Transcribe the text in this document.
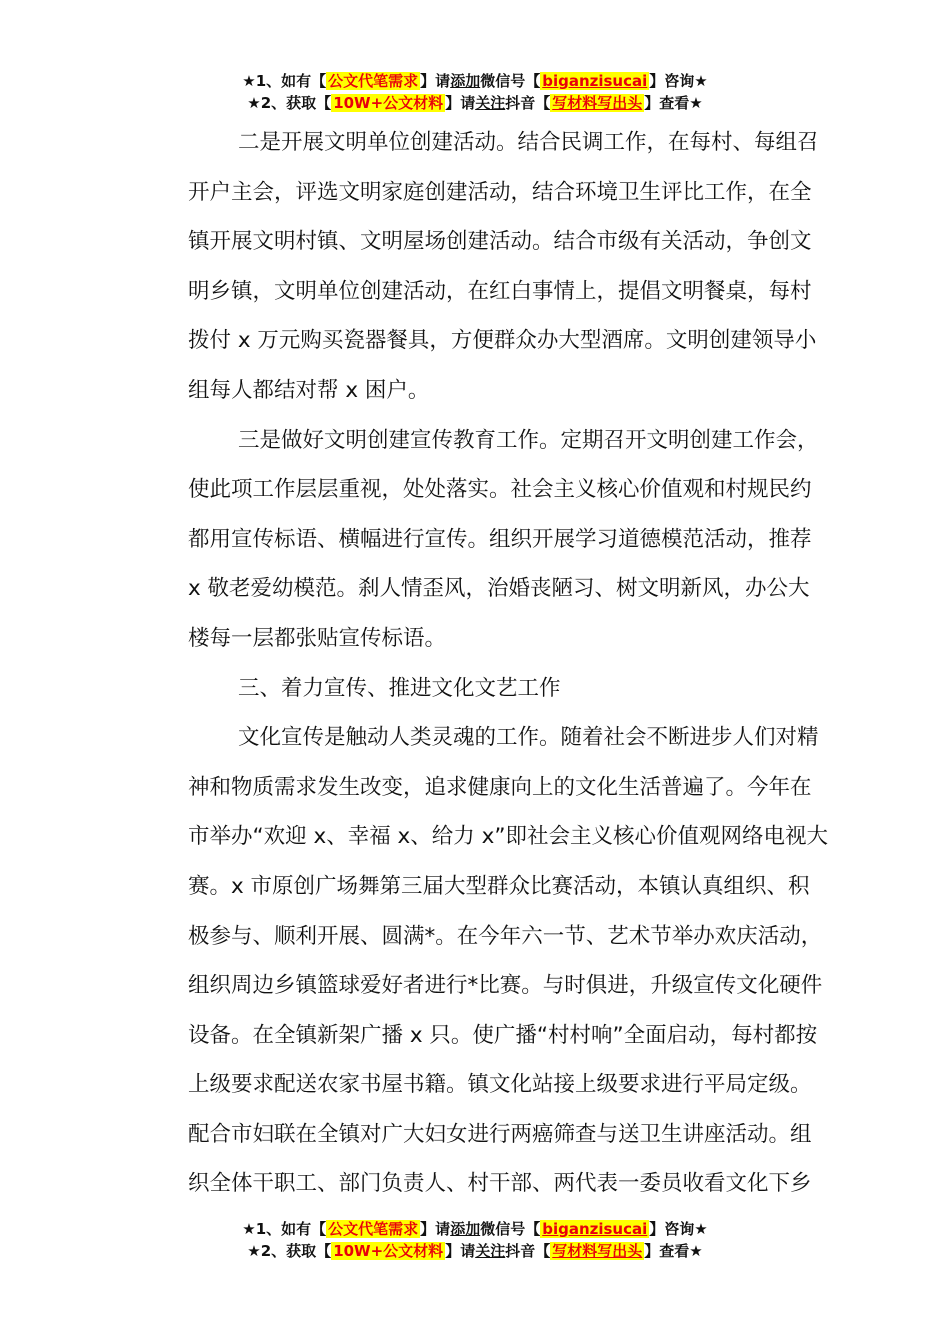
★1、如有【 公文代笔需求 】请添加微信号【 biganzisucai 】咨询★
★2、获取【 10W+公文材料 】请关注抖音【 写材料写出头 】查看★
二是开展文明单位创建活动。结合民调工作，在每村、每组召
开户主会，评选文明家庭创建活动，结合环境卫生评比工作，在全
镇开展文明村镇、文明屋场创建活动。结合市级有关活动，争创文
明乡镇，文明单位创建活动，在红白事情上，提倡文明餐桌，每村
拨付 x 万元购买瓷器餐具，方便群众办大型酒席。文明创建领导小
组每人都结对帮 x 困户。
三是做好文明创建宣传教育工作。定期召开文明创建工作会，
使此项工作层层重视，处处落实。社会主义核心价值观和村规民约
都用宣传标语、横幅进行宣传。组织开展学习道德模范活动，推荐
x 敬老爱幼模范。刹人情歪风，治婚丧陋习、树文明新风，办公大
楼每一层都张贴宣传标语。
三、着力宣传、推进文化文艺工作
文化宣传是触动人类灵魂的工作。随着社会不断进步人们对精
神和物质需求发生改变，追求健康向上的文化生活普遍了。今年在
市举办“欢迎 x、幸福 x、给力 x”即社会主义核心价值观网络电视大
赛。x 市原创广场舞第三届大型群众比赛活动，本镇认真组织、积
极参与、顺利开展、圆满*。在今年六一节、艺术节举办欢庆活动，
组织周边乡镇篮球爱好者进行*比赛。与时俱进，升级宣传文化硬件
设备。在全镇新架广播 x 只。使广播“村村响”全面启动，每村都按
上级要求配送农家书屋书籍。镇文化站接上级要求进行平局定级。
配合市妇联在全镇对广大妇女进行两癌筛查与送卫生讲座活动。组
织全体干职工、部门负责人、村干部、两代表一委员收看文化下乡
★1、如有【 公文代笔需求 】请添加微信号【 biganzisucai 】咨询★
★2、获取【 10W+公文材料 】请关注抖音【 写材料写出头 】查看★
